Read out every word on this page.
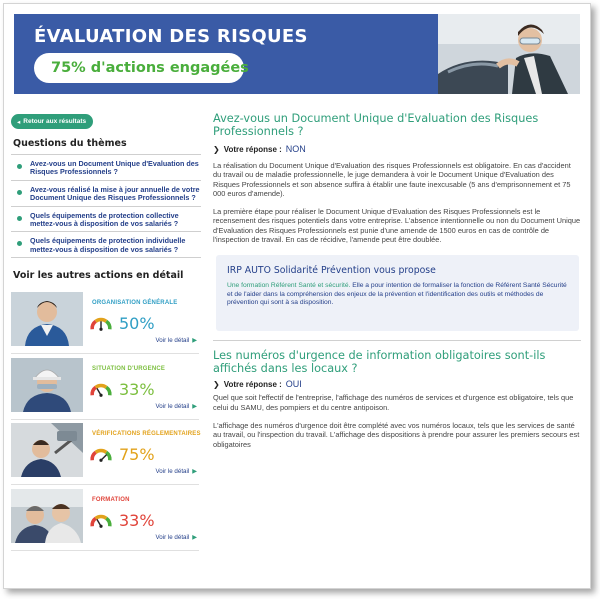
ÉVALUATION DES RISQUES
75% d'actions engagées
◂ Retour aux résultats
Questions du thèmes
Avez-vous un Document Unique d'Evaluation des Risques Professionnels ?
Avez-vous réalisé la mise à jour annuelle de votre Document Unique des Risques Professionnels ?
Quels équipements de protection collective mettez-vous à disposition de vos salariés ?
Quels équipements de protection individuelle mettez-vous à disposition de vos salariés ?
Voir les autres actions en détail
ORGANISATION GÉNÉRALE
50%
Voir le détail ▶
SITUATION D'URGENCE
33%
Voir le détail ▶
VÉRIFICATIONS RÉGLEMENTAIRES
75%
Voir le détail ▶
FORMATION
33%
Voir le détail ▶
Avez-vous un Document Unique d'Evaluation des Risques Professionnels ?
❯ Votre réponse : NON

La réalisation du Document Unique d'Evaluation des risques Professionnels est obligatoire. En cas d'accident du travail ou de maladie professionnelle, le juge demandera à voir le Document Unique d'Evaluation des Risques Professionnels et son absence suffira à établir une faute inexcusable (5 ans d'emprisonnement et 75 000 euros d'amende).

La première étape pour réaliser le Document Unique d'Evaluation des Risques Professionnels est le recensement des risques potentiels dans votre entreprise. L'absence intentionnelle ou non du Document Unique d'Evaluation des Risques Professionnels est punie d'une amende de 1500 euros en cas de contrôle de l'inspection de travail. En cas de récidive, l'amende peut être doublée.

IRP AUTO Solidarité Prévention vous propose
Une formation Référent Santé et sécurité. Elle a pour intention de formaliser la fonction de Référent Santé Sécurité et de l'aider dans la compréhension des enjeux de la prévention et l'identification des outils et méthodes de prévention qui sont à sa disposition.
Les numéros d'urgence de information obligatoires sont-ils affichés dans les locaux ?
❯ Votre réponse : OUI

Quel que soit l'effectif de l'entreprise, l'affichage des numéros de services et d'urgence est obligatoire, tels que celui du SAMU, des pompiers et du centre antipoison.

L'affichage des numéros d'urgence doit être complété avec vos numéros locaux, tels que les services de santé au travail, ou l'inspection du travail. L'affichage des dispositions à prendre pour assurer les premiers secours est obligatoires
